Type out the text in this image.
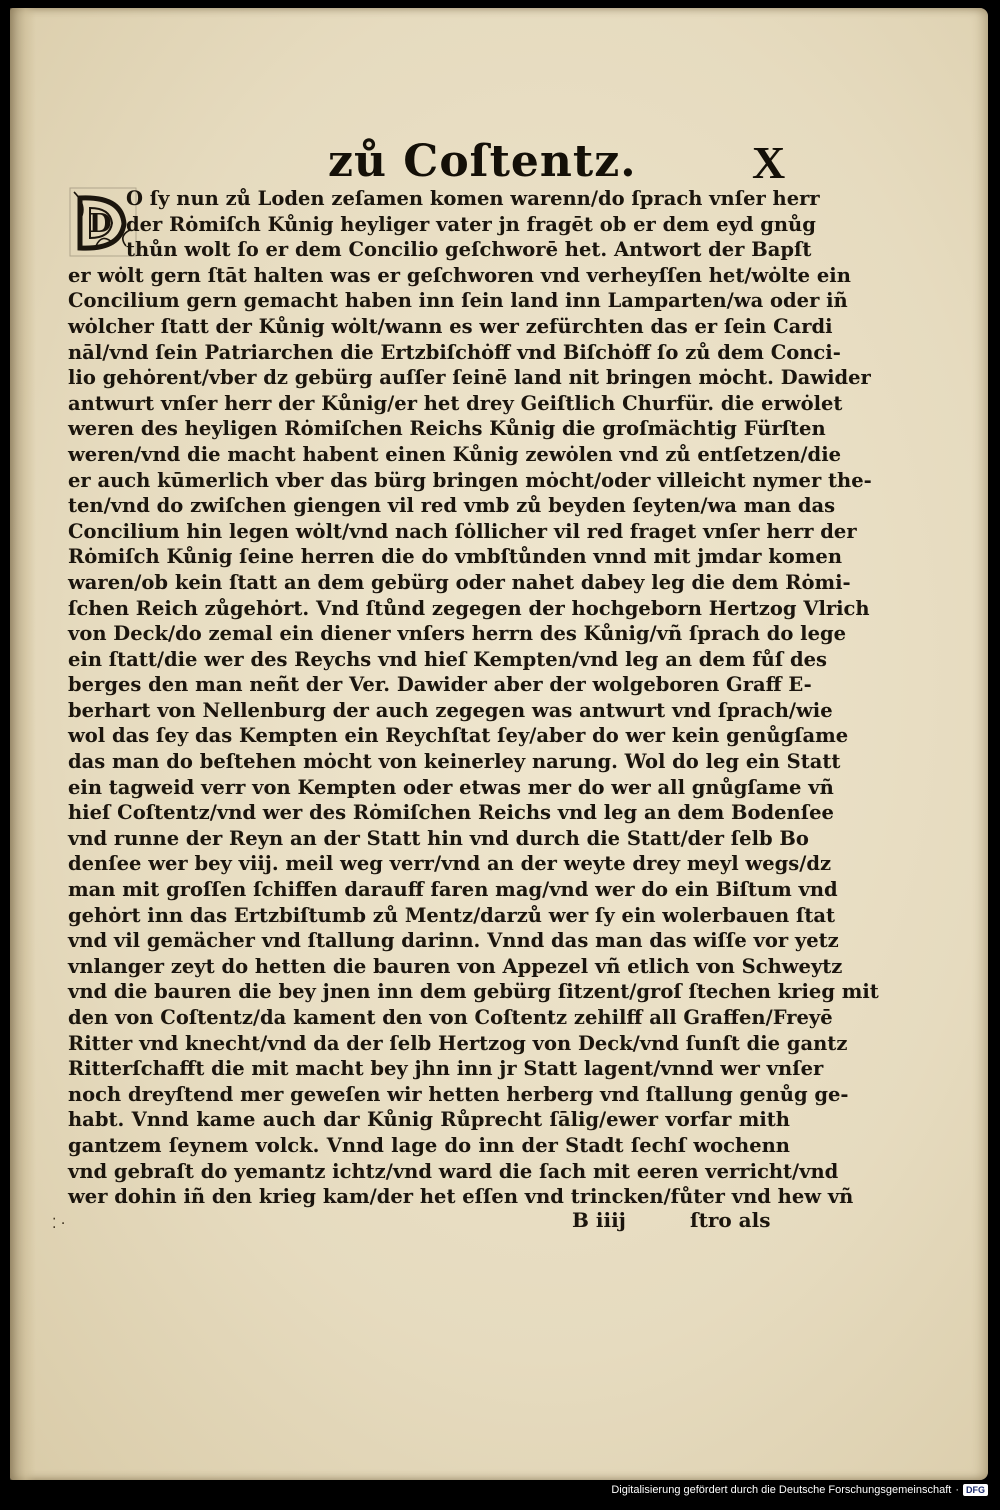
zů Coſtentz.	X
D
O ſy nun zů Loden zeſamen komen warenn/do ſprach vnſer herr
der Rȯmiſch Kůnig heyliger vater jn fragēt ob er dem eyd gnůg
thůn wolt ſo er dem Concilio geſchworē het. Antwort der Bapſt
er wȯlt gern ſtāt halten was er geſchworen vnd verheyſſen het/wȯlte ein
Concilium gern gemacht haben inn ſein land inn Lamparten/wa oder iñ
wȯlcher ſtatt der Kůnig wȯlt/wann es wer zefürchten das er ſein Cardi
nāl/vnd ſein Patriarchen die Ertzbiſchȯff vnd Biſchȯff ſo zů dem Conci-
lio gehȯrent/vber dz gebürg auſſer ſeinē land nit bringen mȯcht. Dawider
antwurt vnſer herr der Kůnig/er het drey Geiſtlich Churfür. die erwȯlet
weren des heyligen Rȯmiſchen Reichs Kůnig die groſmächtig Fürſten
weren/vnd die macht habent einen Kůnig zewȯlen vnd zů entſetzen/die
er auch kūmerlich vber das bürg bringen mȯcht/oder villeicht nymer the-
ten/vnd do zwiſchen giengen vil red vmb zů beyden ſeyten/wa man das
Concilium hin legen wȯlt/vnd nach ſȯllicher vil red fraget vnſer herr der
Rȯmiſch Kůnig ſeine herren die do vmbſtůnden vnnd mit jmdar komen
waren/ob kein ſtatt an dem gebürg oder nahet dabey leg die dem Rȯmi-
ſchen Reich zůgehȯrt. Vnd ſtůnd zegegen der hochgeborn Hertzog Vlrich
von Deck/do zemal ein diener vnſers herrn des Kůnig/vñ ſprach do lege
ein ſtatt/die wer des Reychs vnd hieſ Kempten/vnd leg an dem fůſ des
berges den man neñt der Ver. Dawider aber der wolgeboren Graff E-
berhart von Nellenburg der auch zegegen was antwurt vnd ſprach/wie
wol das ſey das Kempten ein Reychſtat ſey/aber do wer kein genůgſame
das man do beſtehen mȯcht von keinerley narung. Wol do leg ein Statt
ein tagweid verr von Kempten oder etwas mer do wer all gnůgſame vñ
hieſ Coſtentz/vnd wer des Rȯmiſchen Reichs vnd leg an dem Bodenſee
vnd runne der Reyn an der Statt hin vnd durch die Statt/der ſelb Bo
denſee wer bey viij. meil weg verr/vnd an der weyte drey meyl wegs/dz
man mit groſſen ſchiffen darauff faren mag/vnd wer do ein Biſtum vnd
gehȯrt inn das Ertzbiſtumb zů Mentz/darzů wer ſy ein wolerbauen ſtat
vnd vil gemächer vnd ſtallung darinn. Vnnd das man das wiſſe vor yetz
vnlanger zeyt do hetten die bauren von Appezel vñ etlich von Schweytz
vnd die bauren die bey jnen inn dem gebürg ſitzent/groſ ſtechen krieg mit
den von Coſtentz/da kament den von Coſtentz zehilff all Graffen/Freyē
Ritter vnd knecht/vnd da der ſelb Hertzog von Deck/vnd ſunſt die gantz
Ritterſchafft die mit macht bey jhn inn jr Statt lagent/vnnd wer vnſer
noch dreyſtend mer geweſen wir hetten herberg vnd ſtallung genůg ge-
habt. Vnnd kame auch dar Kůnig Růprecht ſālig/ewer vorfar mith
gantzem ſeynem volck. Vnnd lage do inn der Stadt ſechſ wochenn
vnd gebraſt do yemantz ichtz/vnd ward die ſach mit eeren verricht/vnd
wer dohin iñ den krieg kam/der het eſſen vnd trincken/fůter vnd hew vñ
B iiij	ſtro als
⁚ ·
Digitalisierung gefördert durch die Deutsche Forschungsgemeinschaft · DFG
